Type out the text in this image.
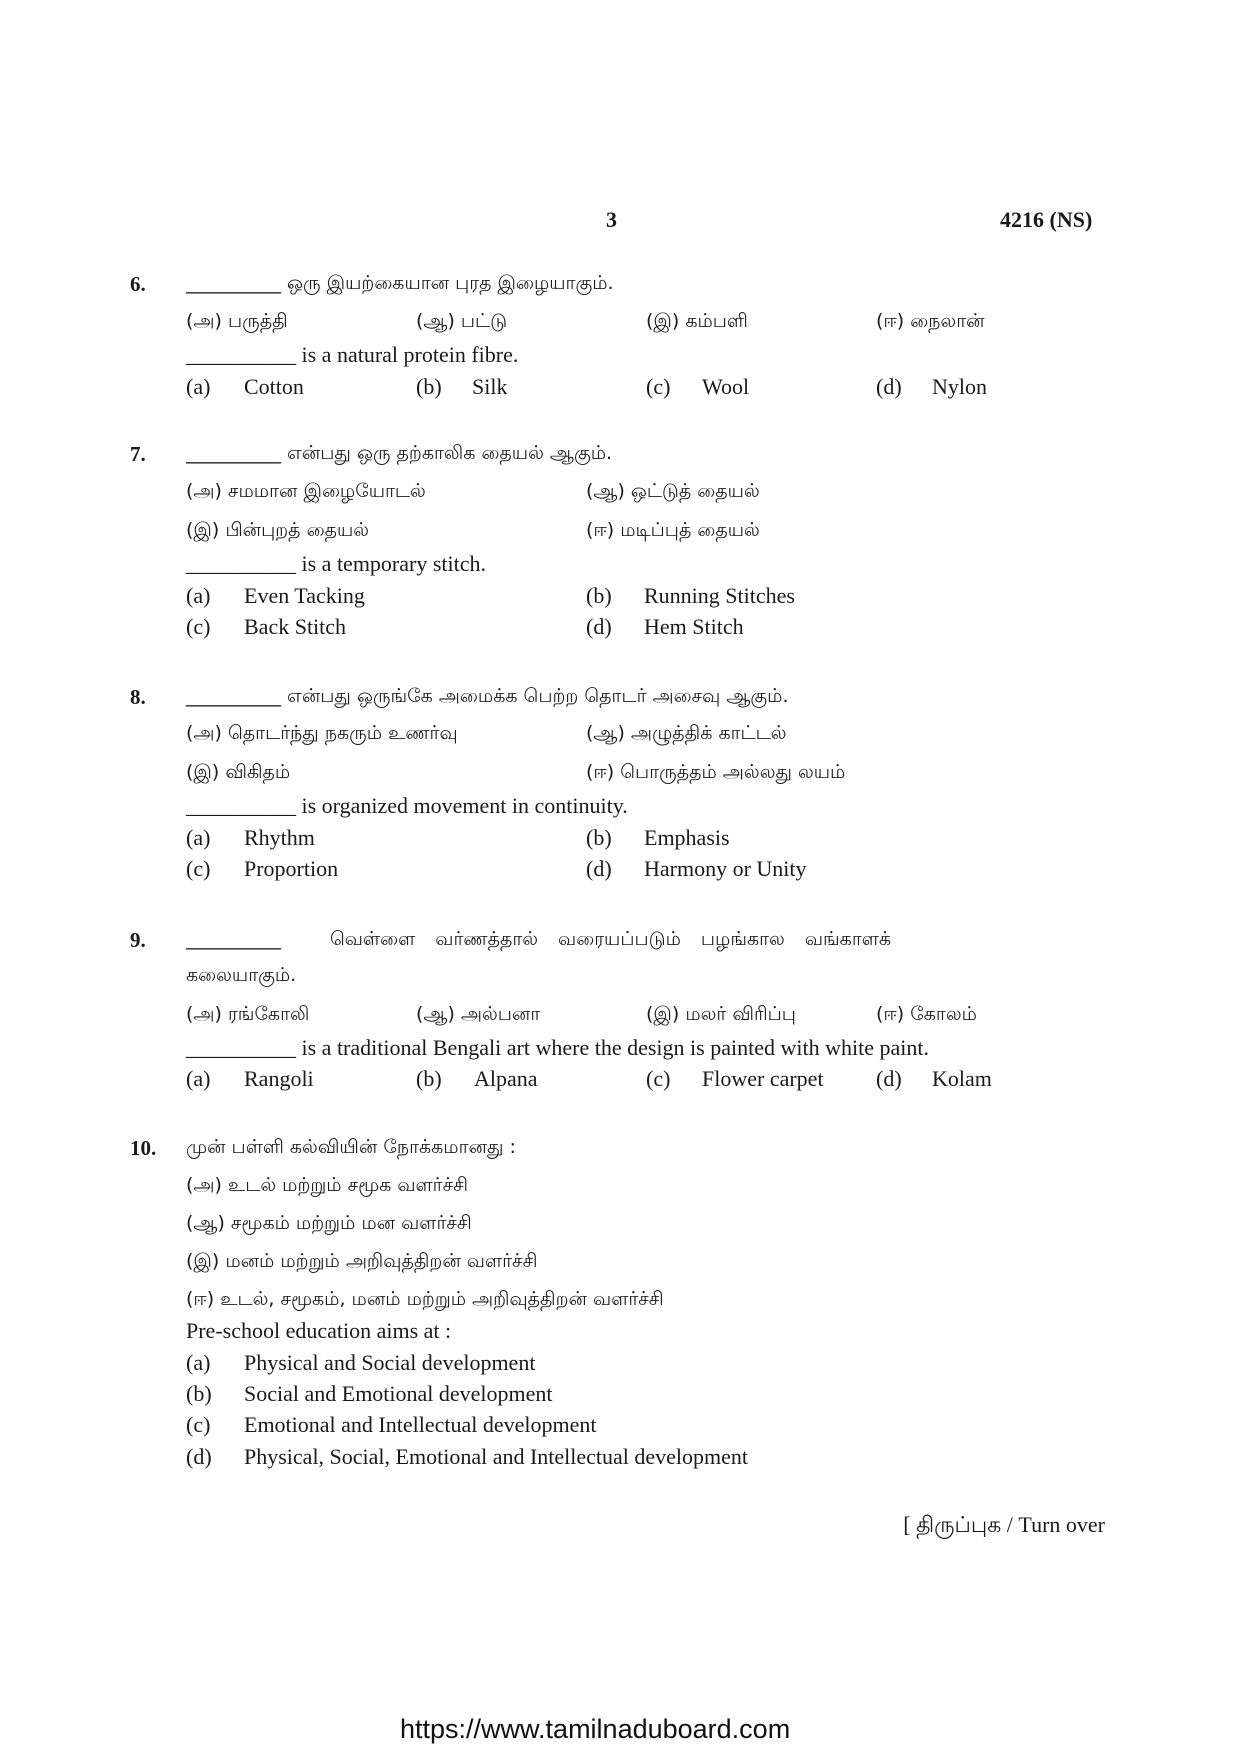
3	4216 (NS)
6. __________ ஒரு இயற்கையான புரத இழையாகும்.
(அ) பருத்தி	(ஆ) பட்டு	(இ) கம்பளி	(ஈ) நைலான்
__________ is a natural protein fibre.
(a) Cotton	(b) Silk	(c) Wool	(d) Nylon
7. __________ என்பது ஒரு தற்காலிக தையல் ஆகும்.
(அ) சமமான இழையோடல்	(ஆ) ஒட்டுத் தையல்
(இ) பின்புறத் தையல்	(ஈ) மடிப்புத் தையல்
__________ is a temporary stitch.
(a) Even Tacking	(b) Running Stitches
(c) Back Stitch	(d) Hem Stitch
8. __________ என்பது ஒருங்கே அமைக்க பெற்ற தொடர் அசைவு ஆகும்.
(அ) தொடர்ந்து நகரும் உணர்வு	(ஆ) அழுத்திக் காட்டல்
(இ) விகிதம்	(ஈ) பொருத்தம் அல்லது லயம்
__________ is organized movement in continuity.
(a) Rhythm	(b) Emphasis
(c) Proportion	(d) Harmony or Unity
9. __________	வெள்ளை வர்ணத்தால் வரையப்படும் பழங்கால வங்காளக்
கலையாகும்.
(அ) ரங்கோலி	(ஆ) அல்பனா	(இ) மலர் விரிப்பு	(ஈ) கோலம்
__________ is a traditional Bengali art where the design is painted with white paint.
(a) Rangoli	(b) Alpana	(c) Flower carpet (d) Kolam
10. முன் பள்ளி கல்வியின் நோக்கமானது :
(அ) உடல் மற்றும் சமூக வளர்ச்சி
(ஆ) சமூகம் மற்றும் மன வளர்ச்சி
(இ) மனம் மற்றும் அறிவுத்திறன் வளர்ச்சி
(ஈ) உடல், சமூகம், மனம் மற்றும் அறிவுத்திறன் வளர்ச்சி
Pre-school education aims at :
(a) Physical and Social development
(b) Social and Emotional development
(c) Emotional and Intellectual development
(d) Physical, Social, Emotional and Intellectual development
[ திருப்புக / Turn over
https://www.tamilnaduboard.com
